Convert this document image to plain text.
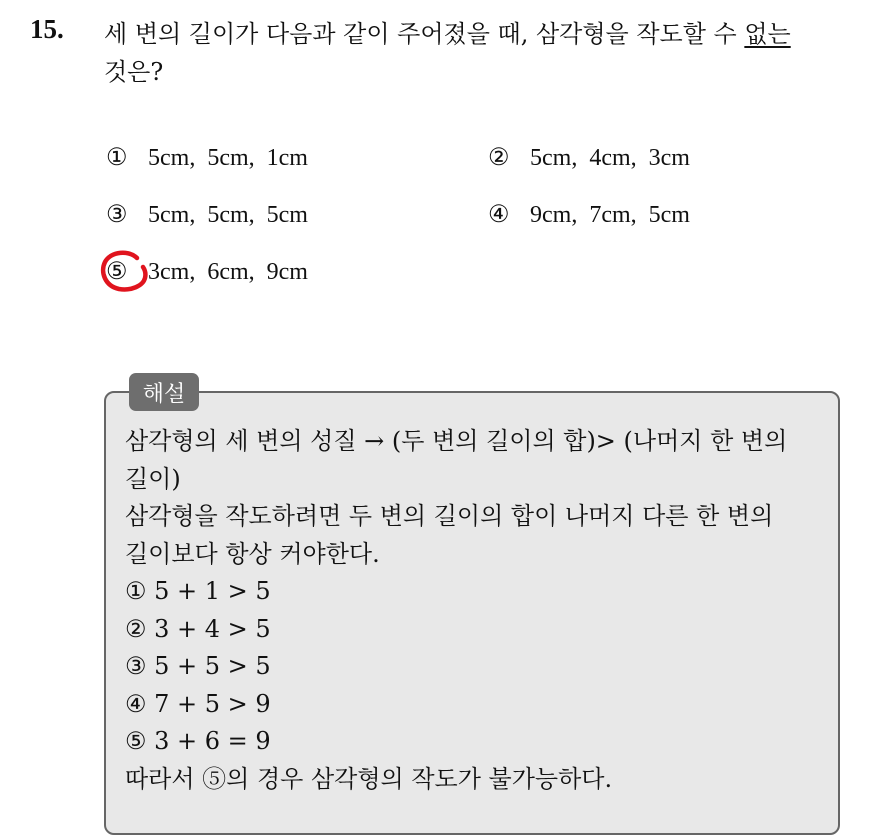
15. 세 변의 길이가 다음과 같이 주어졌을 때, 삼각형을 작도할 수 없는
것은?
① 5cm,  5cm,  1cm	② 5cm,  4cm,  3cm
③ 5cm,  5cm,  5cm	④ 9cm,  7cm,  5cm
⑤ 3cm,  6cm,  9cm
해설
삼각형의 세 변의 성질 → (두 변의 길이의 합)> (나머지 한 변의
길이)
삼각형을 작도하려면 두 변의 길이의 합이 나머지 다른 한 변의
길이보다 항상 커야한다.
① 5 + 1 > 5
② 3 + 4 > 5
③ 5 + 5 > 5
④ 7 + 5 > 9
⑤ 3 + 6 = 9
따라서 ⑤의 경우 삼각형의 작도가 불가능하다.
